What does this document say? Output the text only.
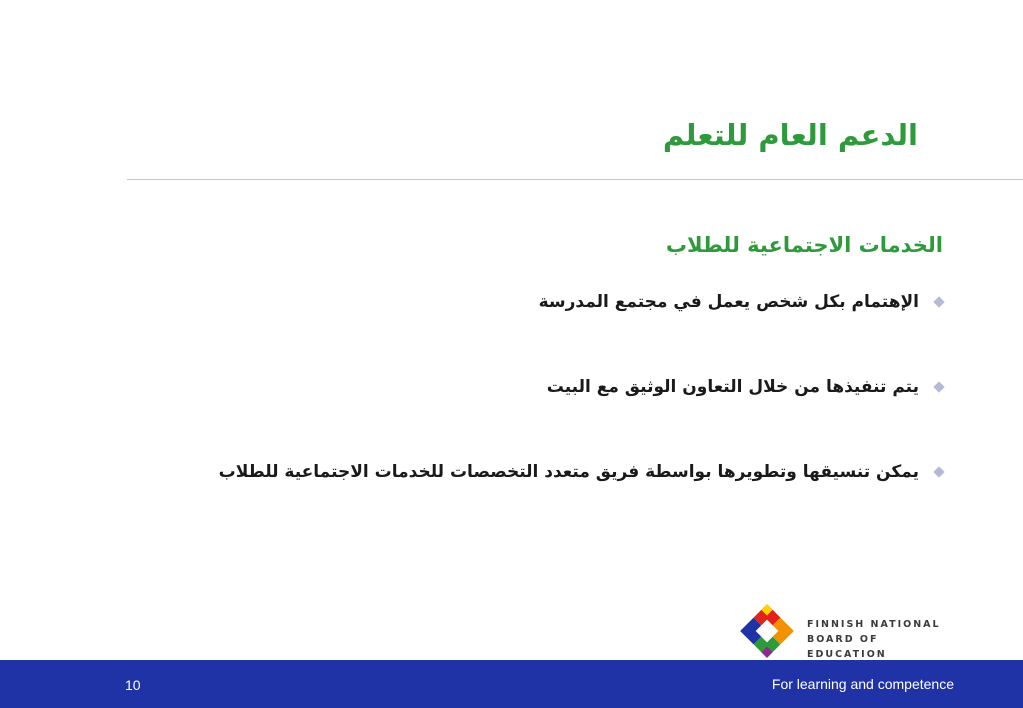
الدعم العام للتعلم
الخدمات الاجتماعية للطلاب
الإهتمام بكل شخص يعمل في مجتمع المدرسة
يتم تنفيذها من خلال التعاون الوثيق مع البيت
يمكن تنسيقها وتطويرها بواسطة فريق متعدد التخصصات للخدمات الاجتماعية للطلاب
FINNISH NATIONAL
BOARD OF EDUCATION
10	For learning and competence
